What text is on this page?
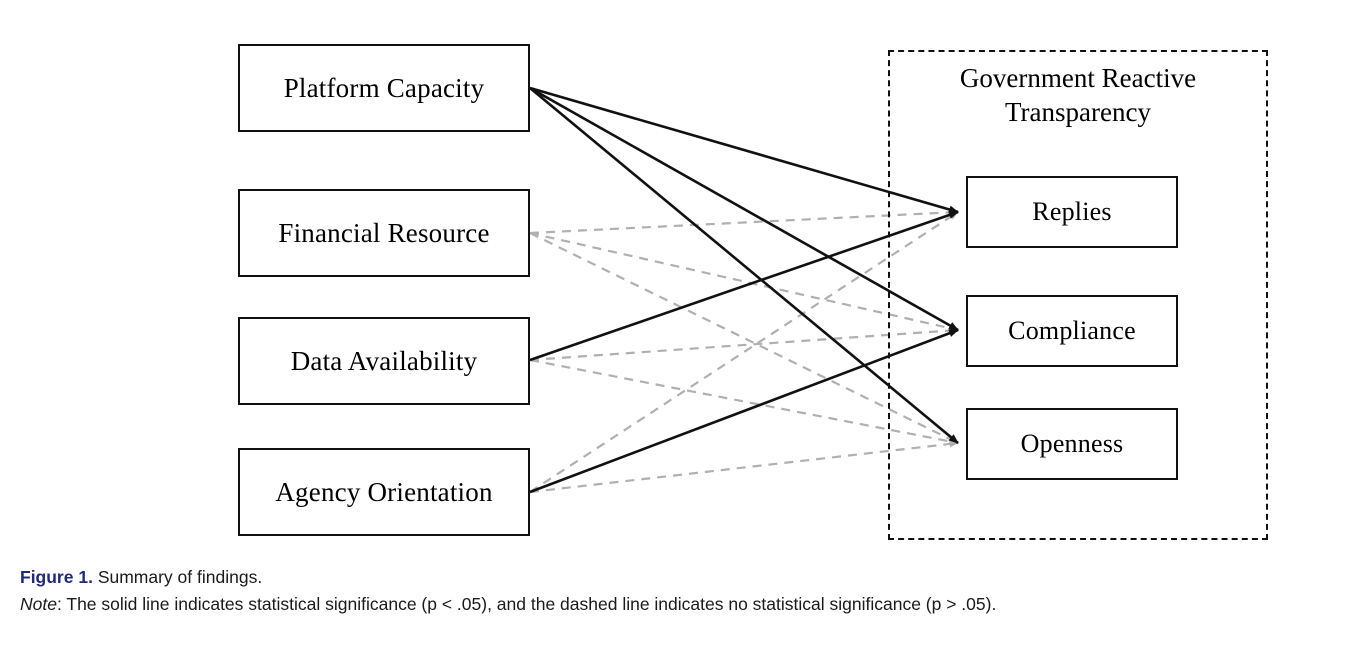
Government Reactive
Transparency
Platform Capacity
Financial Resource
Data Availability
Agency Orientation
Replies
Compliance
Openness
Figure 1. Summary of findings.
Note: The solid line indicates statistical significance (p < .05), and the dashed line indicates no statistical significance (p > .05).
